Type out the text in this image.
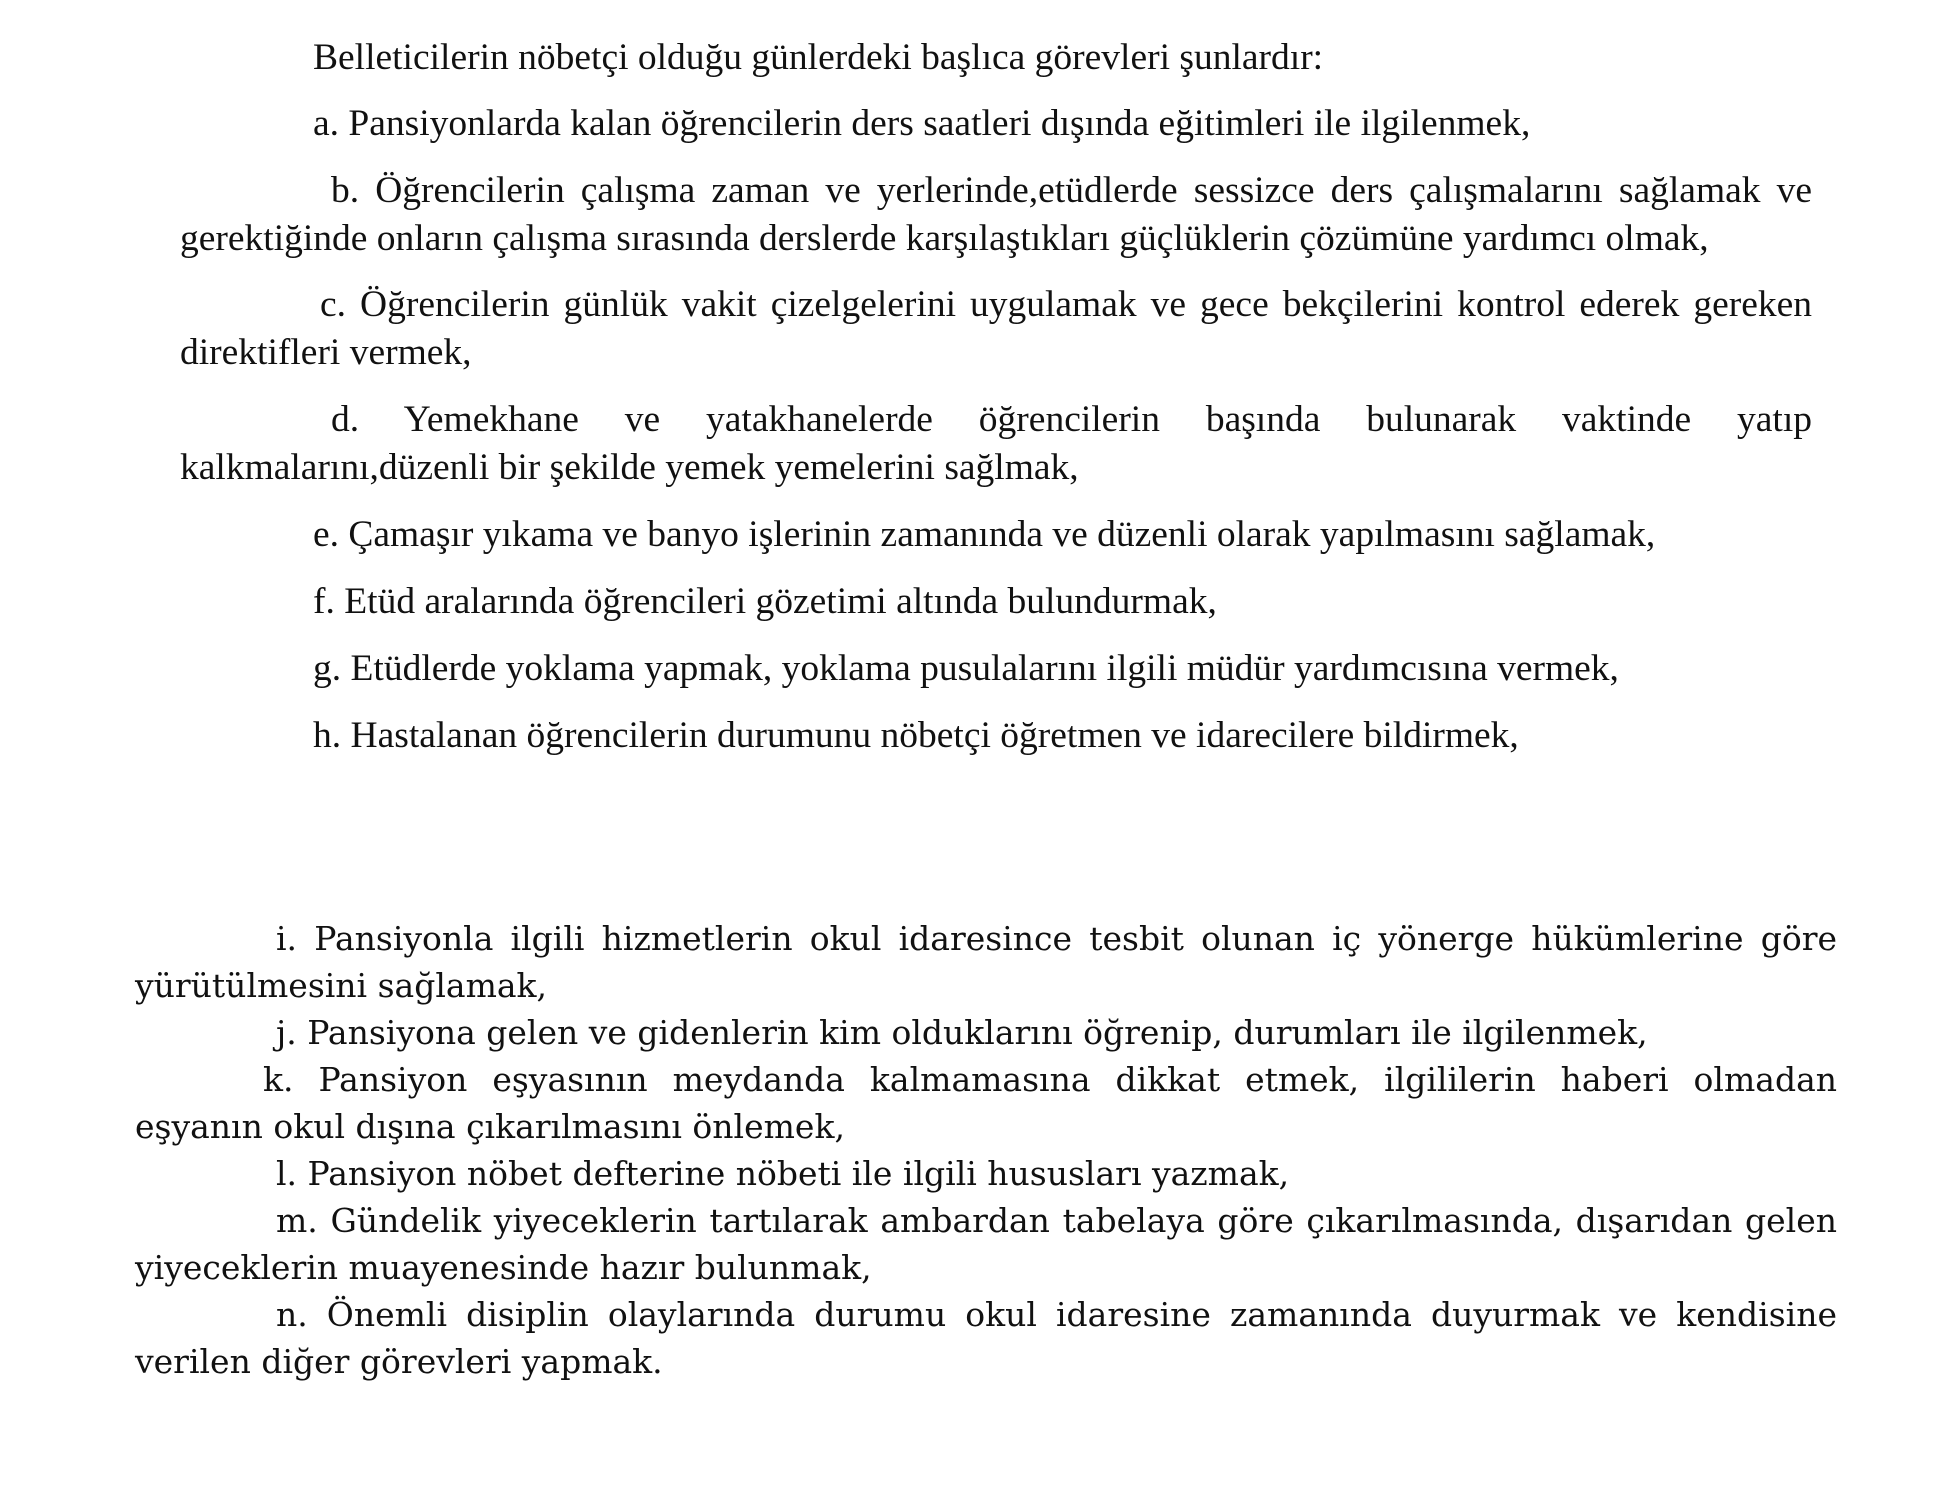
Belleticilerin nöbetçi olduğu günlerdeki başlıca görevleri şunlardır:

a. Pansiyonlarda kalan öğrencilerin ders saatleri dışında eğitimleri ile ilgilenmek,

b. Öğrencilerin çalışma zaman ve yerlerinde,etüdlerde sessizce ders çalışmalarını sağlamak ve gerektiğinde onların çalışma sırasında derslerde karşılaştıkları güçlüklerin çözümüne yardımcı olmak,

c. Öğrencilerin günlük vakit çizelgelerini uygulamak ve gece bekçilerini kontrol ederek gereken direktifleri vermek,

d. Yemekhane ve yatakhanelerde öğrencilerin başında bulunarak vaktinde yatıp kalkmalarını,düzenli bir şekilde yemek yemelerini sağlmak,

e. Çamaşır yıkama ve banyo işlerinin zamanında ve düzenli olarak yapılmasını sağlamak,

f. Etüd aralarında öğrencileri gözetimi altında bulundurmak,

g. Etüdlerde yoklama yapmak, yoklama pusulalarını ilgili müdür yardımcısına vermek,

h. Hastalanan öğrencilerin durumunu nöbetçi öğretmen ve idarecilere bildirmek,

i. Pansiyonla ilgili hizmetlerin okul idaresince tesbit olunan iç yönerge hükümlerine göre yürütülmesini sağlamak,

j. Pansiyona gelen ve gidenlerin kim olduklarını öğrenip, durumları ile ilgilenmek,

k. Pansiyon eşyasının meydanda kalmamasına dikkat etmek, ilgililerin haberi olmadan eşyanın okul dışına çıkarılmasını önlemek,

l. Pansiyon nöbet defterine nöbeti ile ilgili hususları yazmak,

m. Gündelik yiyeceklerin tartılarak ambardan tabelaya göre çıkarılmasında, dışarıdan gelen yiyeceklerin muayenesinde hazır bulunmak,

n. Önemli disiplin olaylarında durumu okul idaresine zamanında duyurmak ve kendisine verilen diğer görevleri yapmak.
